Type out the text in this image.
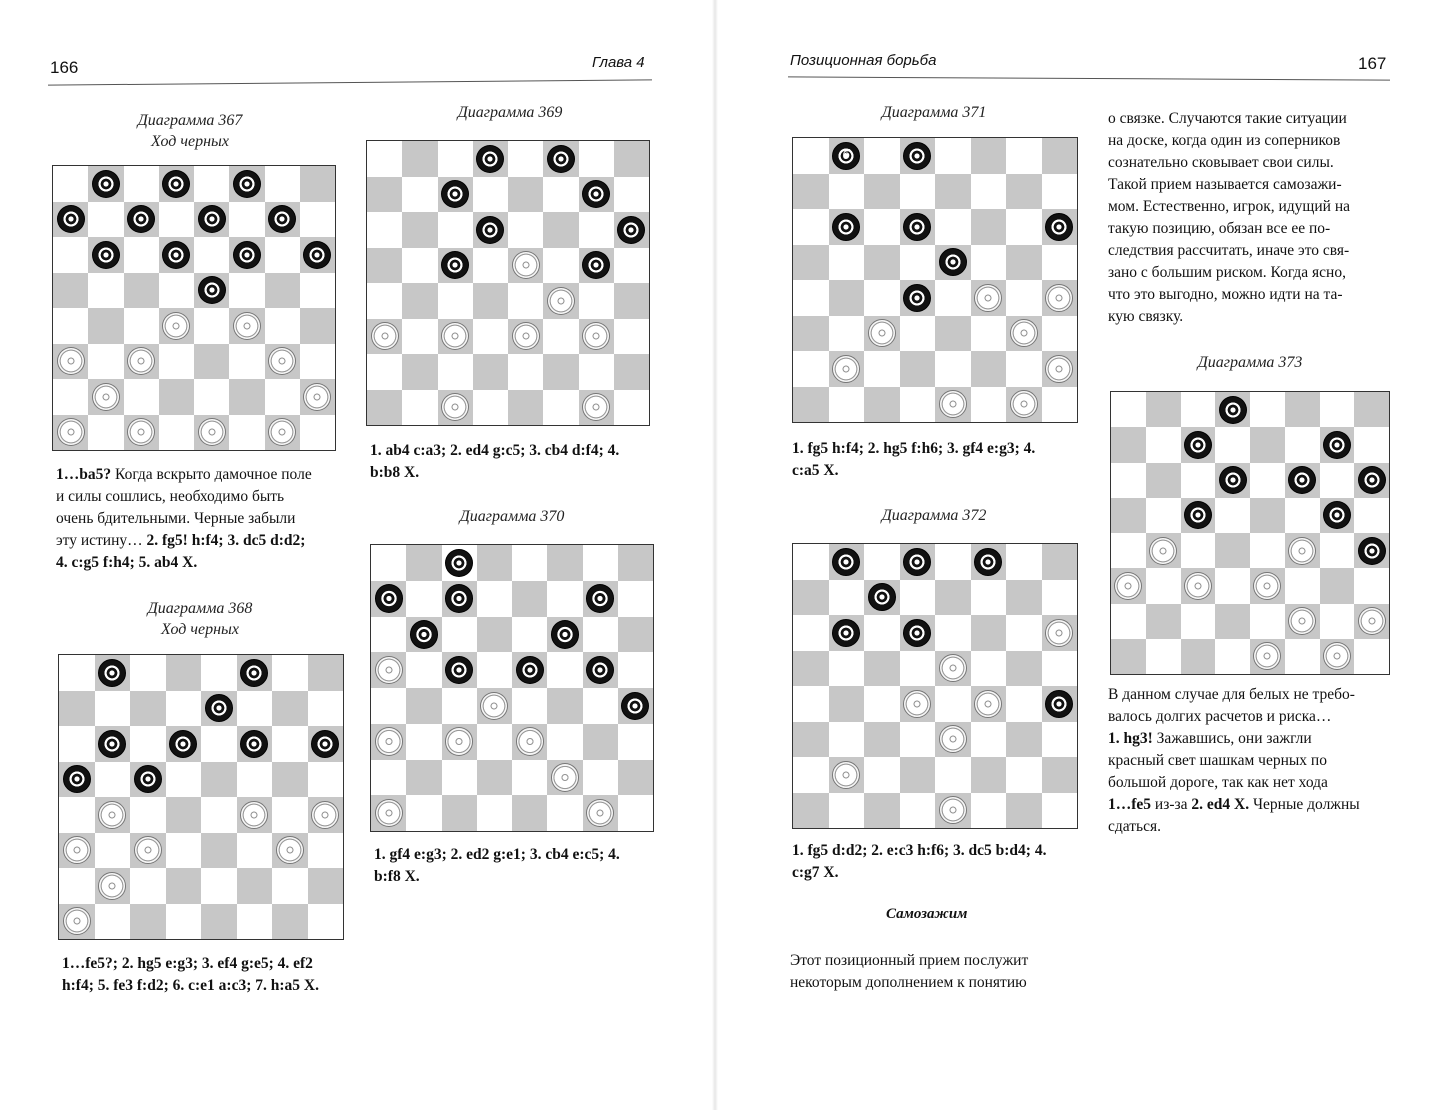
166	Глава 4
Диаграмма 367
Ход черных
1…ba5? Когда вскрыто дамочное поле
и силы сошлись, необходимо быть
очень бдительными. Черные забыли
эту истину… 2. fg5! h:f4; 3. dc5 d:d2;
4. c:g5 f:h4; 5. ab4 X.
Диаграмма 368
Ход черных
1…fe5?; 2. hg5 e:g3; 3. ef4 g:e5; 4. ef2
h:f4; 5. fe3 f:d2; 6. c:e1 a:c3; 7. h:a5 X.
Диаграмма 369
1. ab4 c:a3; 2. ed4 g:c5; 3. cb4 d:f4; 4.
b:b8 X.
Диаграмма 370
1. gf4 e:g3; 2. ed2 g:e1; 3. cb4 e:c5; 4.
b:f8 X.
Позиционная борьба	167
Диаграмма 371
б
1. fg5 h:f4; 2. hg5 f:h6; 3. gf4 e:g3; 4.
c:a5 X.
Диаграмма 372
1. fg5 d:d2; 2. e:c3 h:f6; 3. dc5 b:d4; 4.
c:g7 X.
Самозажим
Этот позиционный прием послужит
некоторым дополнением к понятию
о связке. Случаются такие ситуации
на доске, когда один из соперников
сознательно сковывает свои силы.
Такой прием называется самозажи-
мом. Естественно, игрок, идущий на
такую позицию, обязан все ее по-
следствия рассчитать, иначе это свя-
зано с большим риском. Когда ясно,
что это выгодно, можно идти на та-
кую связку.
Диаграмма 373
В данном случае для белых не требо-
валось долгих расчетов и риска…
1. hg3! Зажавшись, они зажгли
красный свет шашкам черных по
большой дороге, так как нет хода
1…fe5 из-за 2. ed4 X. Черные должны
сдаться.
